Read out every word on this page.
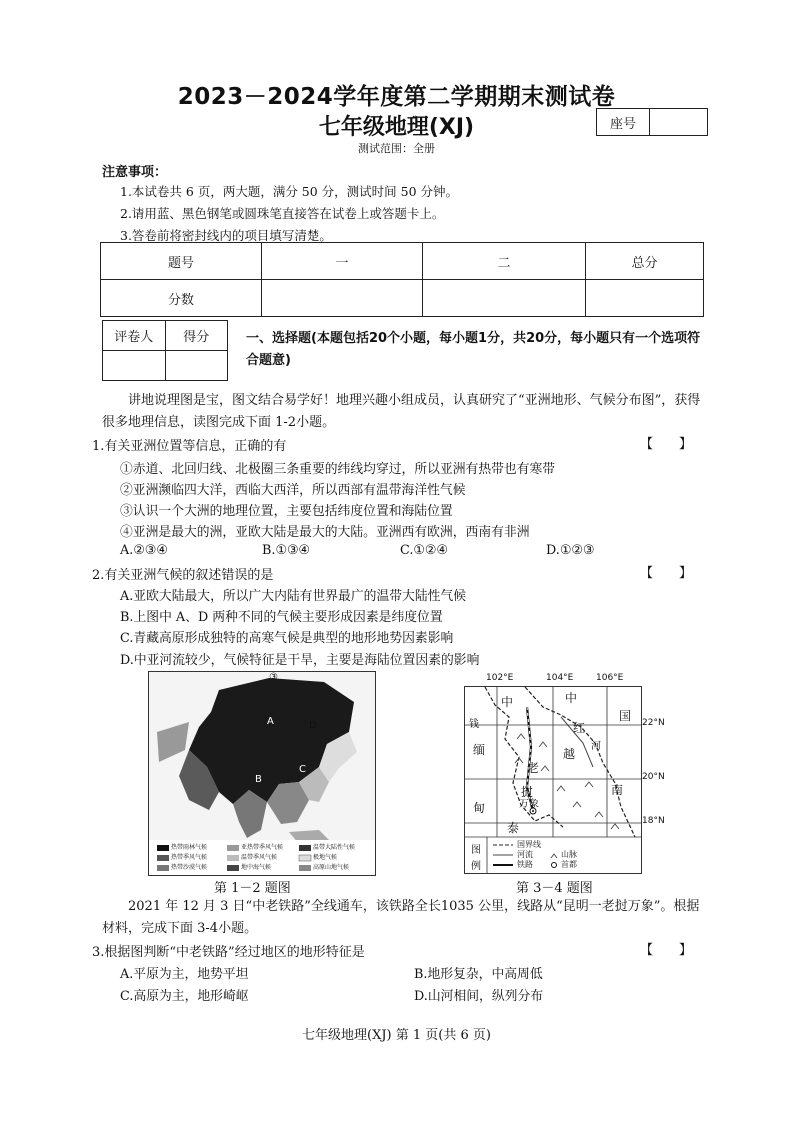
2023－2024学年度第二学期期末测试卷
七年级地理(XJ)	座号
测试范围：全册
注意事项：
1.本试卷共 6 页，两大题，满分 50 分，测试时间 50 分钟。
2.请用蓝、黑色钢笔或圆珠笔直接答在试卷上或答题卡上。
3.答卷前将密封线内的项目填写清楚。
题号	一	二	总分
分数			
评卷人	得分
		一、选择题(本题包括20个小题，每小题1分，共20分，每小题只有一个选项符合题意)
讲地说理图是宝，图文结合易学好！地理兴趣小组成员，认真研究了“亚洲地形、气候分布图”，获得很多地理信息，读图完成下面 1-2小题。
1.有关亚洲位置等信息，正确的有	【　　】
①赤道、北回归线、北极圈三条重要的纬线均穿过，所以亚洲有热带也有寒带
②亚洲濒临四大洋，西临大西洋，所以西部有温带海洋性气候
③认识一个大洲的地理位置，主要包括纬度位置和海陆位置
④亚洲是最大的洲，亚欧大陆是最大的大陆。亚洲西有欧洲，西南有非洲
A.②③④	B.①③④	C.①②④	D.①②③
2.有关亚洲气候的叙述错误的是	【　　】
A.亚欧大陆最大，所以广大内陆有世界最广的温带大陆性气候
B.上图中 A、D 两种不同的气候主要形成因素是纬度位置
C.青藏高原形成独特的高寒气候是典型的地形地势因素影响
D.中亚河流较少，气候特征是干旱，主要是海陆位置因素的影响
A
B
C
D
③
热带雨林气候	亚热带季风气候	温带大陆性气候
热带季风气候	温带季风气候	极地气候
热带沙漠气候	地中海气候	高原山地气候
第 1－2 题图
102°E	104°E	106°E
中	中
国
缅
红
越
老
挝
甸
南
万象
泰
河
钱
图
例
国界线
河流	山脉
铁路	首都
22°N
20°N
18°N
第 3－4 题图
2021 年 12 月 3 日“中老铁路”全线通车，该铁路全长1035 公里，线路从“昆明一老挝万象”。根据材料，完成下面 3-4小题。
3.根据图判断“中老铁路”经过地区的地形特征是	【　　】
A.平原为主，地势平坦	B.地形复杂，中高周低
C.高原为主，地形崎岖	D.山河相间，纵列分布
七年级地理(XJ) 第 1 页(共 6 页)
